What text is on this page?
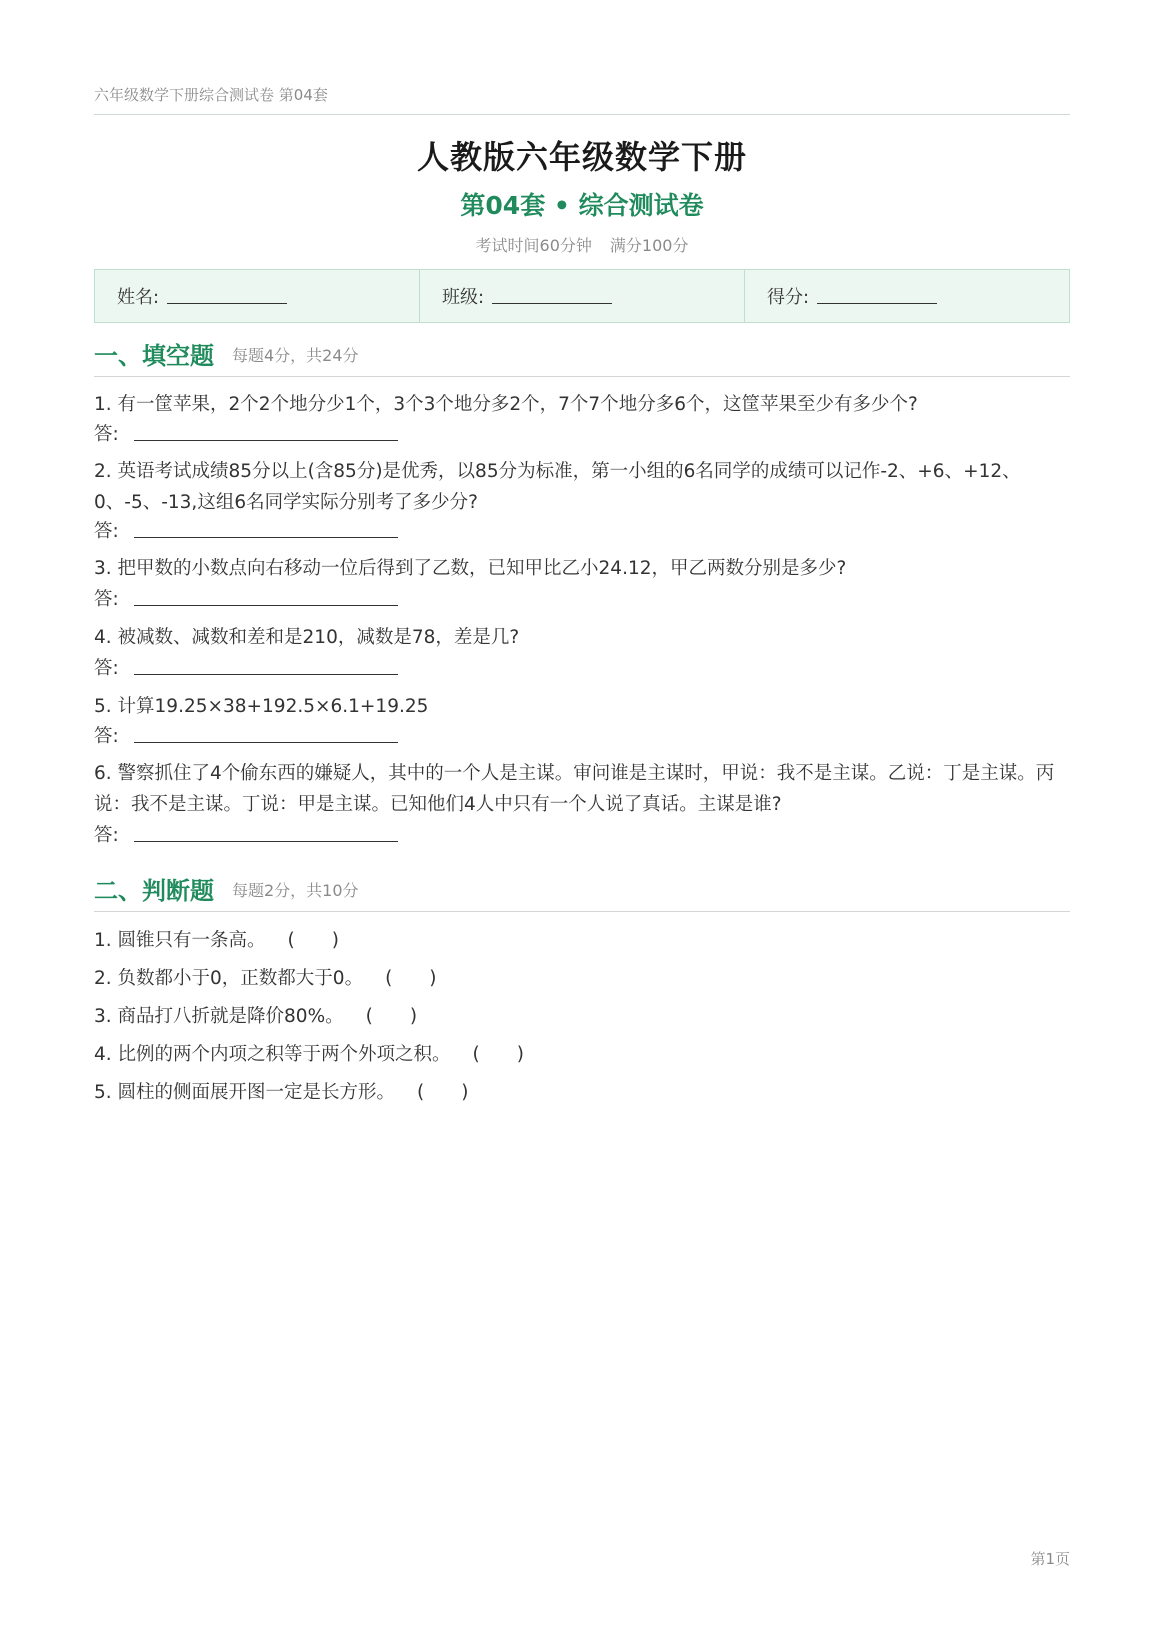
六年级数学下册综合测试卷 第04套
人教版六年级数学下册
第04套 • 综合测试卷
考试时间60分钟 满分100分
姓名:	班级:	得分:
一、填空题 每题4分，共24分
1. 有一筐苹果，2个2个地分少1个，3个3个地分多2个，7个7个地分多6个，这筐苹果至少有多少个?
答:
2. 英语考试成绩85分以上(含85分)是优秀，以85分为标准，第一小组的6名同学的成绩可以记作-2、+6、+12、0、-5、-13,这组6名同学实际分别考了多少分?
答:
3. 把甲数的小数点向右移动一位后得到了乙数，已知甲比乙小24.12，甲乙两数分别是多少?
答:
4. 被减数、减数和差和是210，减数是78，差是几?
答:
5. 计算19.25×38+192.5×6.1+19.25
答:
6. 警察抓住了4个偷东西的嫌疑人，其中的一个人是主谋。审问谁是主谋时，甲说：我不是主谋。乙说：丁是主谋。丙说：我不是主谋。丁说：甲是主谋。已知他们4人中只有一个人说了真话。主谋是谁?
答:
二、判断题 每题2分，共10分
1. 圆锥只有一条高。 (　　)
2. 负数都小于0，正数都大于0。 (　　)
3. 商品打八折就是降价80%。 (　　)
4. 比例的两个内项之积等于两个外项之积。 (　　)
5. 圆柱的侧面展开图一定是长方形。 (　　)
第1页
